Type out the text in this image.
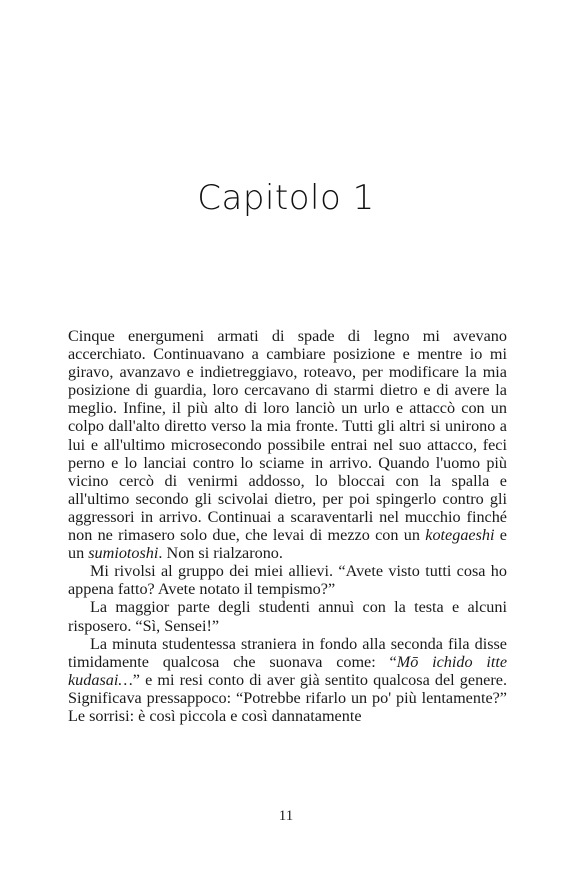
Capitolo 1

Cinque energumeni armati di spade di legno mi avevano accerchiato. Continuavano a cambiare posizione e mentre io mi giravo, avanzavo e indietreggiavo, roteavo, per modificare la mia posizione di guardia, loro cercavano di starmi dietro e di avere la meglio. Infine, il più alto di loro lanciò un urlo e attaccò con un colpo dall'alto diretto verso la mia fronte. Tutti gli altri si unirono a lui e all'ultimo microsecondo possibile entrai nel suo attacco, feci perno e lo lanciai contro lo sciame in arrivo. Quando l'uomo più vicino cercò di venirmi addosso, lo bloccai con la spalla e all'ultimo secondo gli scivolai dietro, per poi spingerlo contro gli aggressori in arrivo. Continuai a scaraventarli nel mucchio finché non ne rimasero solo due, che levai di mezzo con un kotegaeshi e un sumiotoshi. Non si rialzarono.

Mi rivolsi al gruppo dei miei allievi. “Avete visto tutti cosa ho appena fatto? Avete notato il tempismo?”

La maggior parte degli studenti annuì con la testa e alcuni risposero. “Sì, Sensei!”

La minuta studentessa straniera in fondo alla seconda fila disse timidamente qualcosa che suonava come: “Mō ichido itte kudasai…” e mi resi conto di aver già sentito qualcosa del genere. Significava pressappoco: “Potrebbe rifarlo un po' più lentamente?” Le sorrisi: è così piccola e così dannatamente

11
